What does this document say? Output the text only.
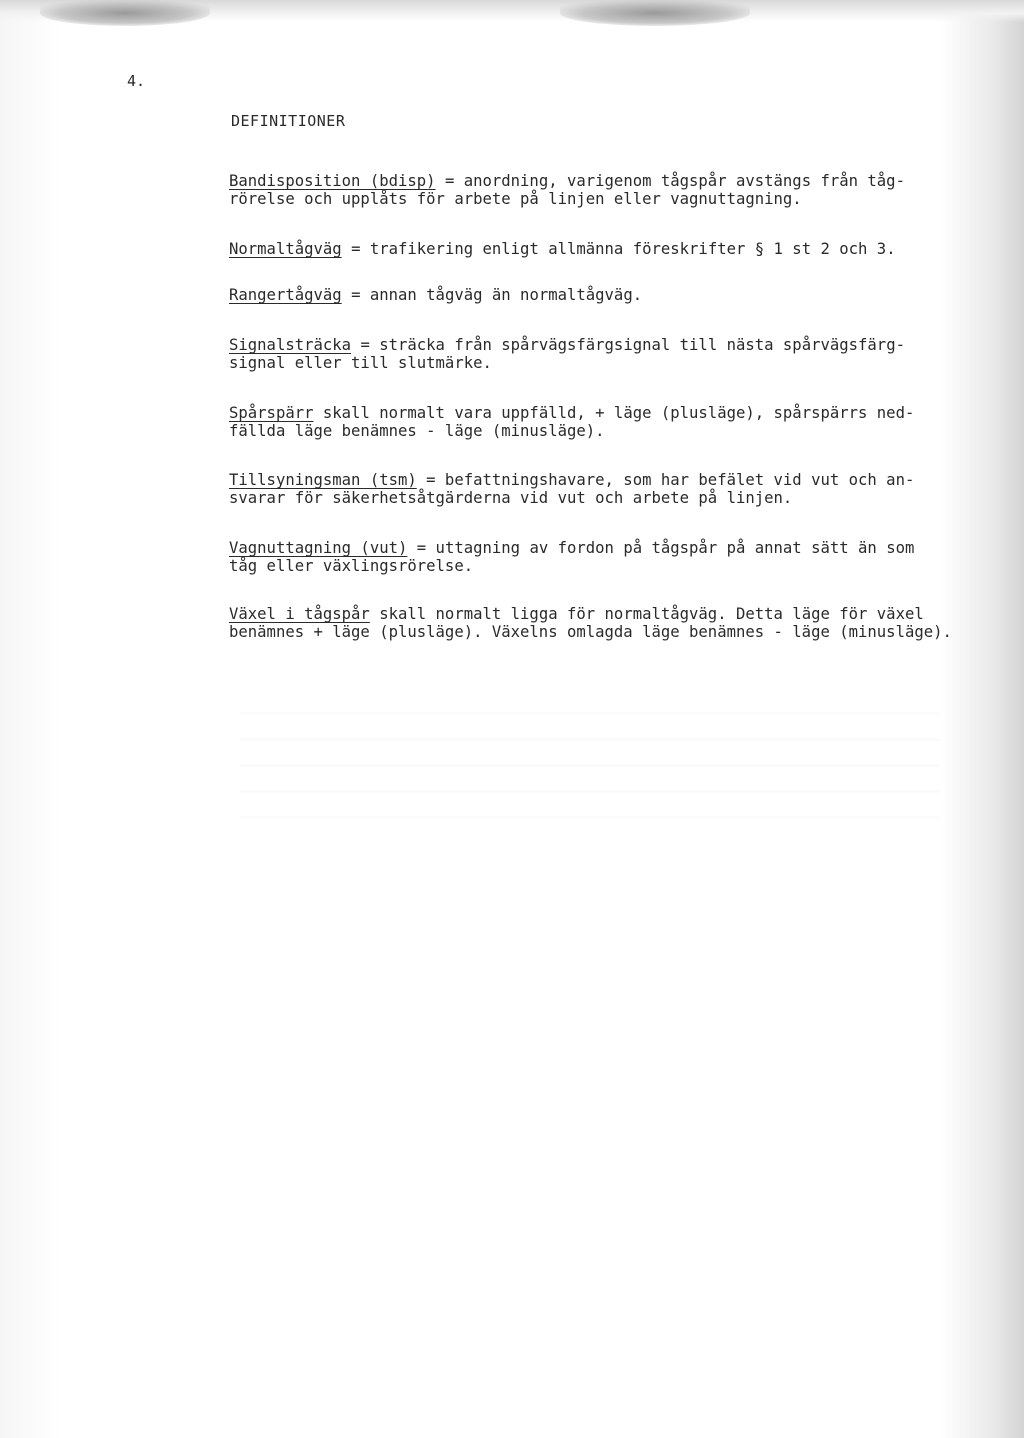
4.
DEFINITIONER
Bandisposition (bdisp) = anordning, varigenom tågspår avstängs från tåg-
rörelse och upplåts för arbete på linjen eller vagnuttagning.
Normaltågväg = trafikering enligt allmänna föreskrifter § 1 st 2 och 3.
Rangertågväg = annan tågväg än normaltågväg.
Signalsträcka = sträcka från spårvägsfärgsignal till nästa spårvägsfärg-
signal eller till slutmärke.
Spårspärr skall normalt vara uppfälld, + läge (plusläge), spårspärrs ned-
fällda läge benämnes - läge (minusläge).
Tillsyningsman (tsm) = befattningshavare, som har befälet vid vut och an-
svarar för säkerhetsåtgärderna vid vut och arbete på linjen.
Vagnuttagning (vut) = uttagning av fordon på tågspår på annat sätt än som
tåg eller växlingsrörelse.
Växel i tågspår skall normalt ligga för normaltågväg. Detta läge för växel
benämnes + läge (plusläge). Växelns omlagda läge benämnes - läge (minusläge).
